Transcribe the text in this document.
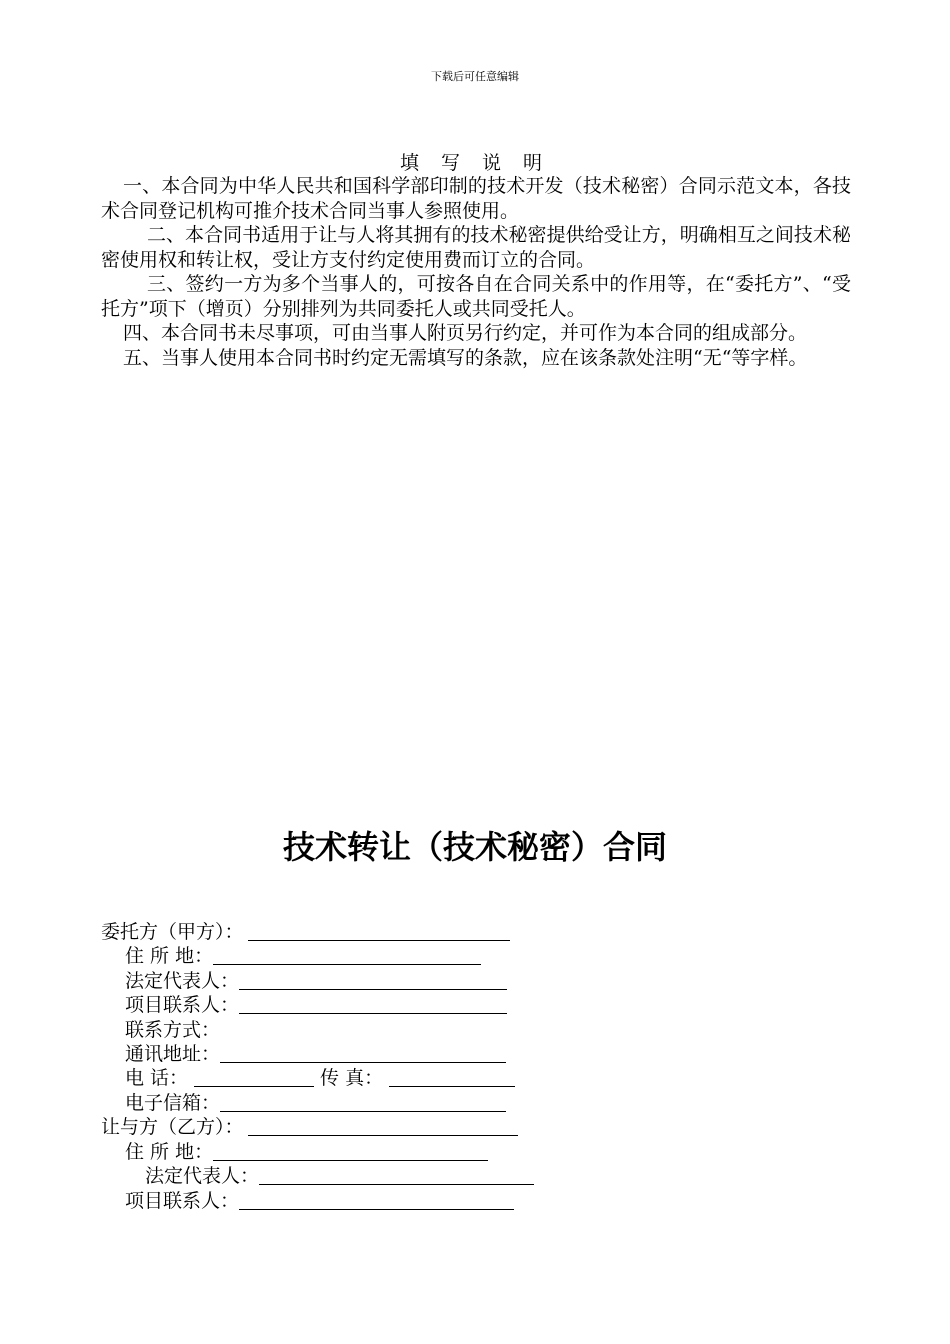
下载后可任意编辑
填 写 说 明

一、本合同为中华人民共和国科学部印制的技术开发（技术秘密）合同示范文本，各技术合同登记机构可推介技术合同当事人参照使用。

二、本合同书适用于让与人将其拥有的技术秘密提供给受让方，明确相互之间技术秘密使用权和转让权，受让方支付约定使用费而订立的合同。

三、签约一方为多个当事人的，可按各自在合同关系中的作用等，在“委托方”、“受托方”项下（增页）分别排列为共同委托人或共同受托人。

四、本合同书未尽事项，可由当事人附页另行约定，并可作为本合同的组成部分。

五、当事人使用本合同书时约定无需填写的条款，应在该条款处注明“无“等字样。

技术转让（技术秘密）合同
委托方（甲方）：
住 所 地：
法定代表人：
项目联系人：
联系方式：
通讯地址：
电 话：	传 真：
电子信箱：
让与方（乙方）：
住 所 地：
法定代表人：
项目联系人：
